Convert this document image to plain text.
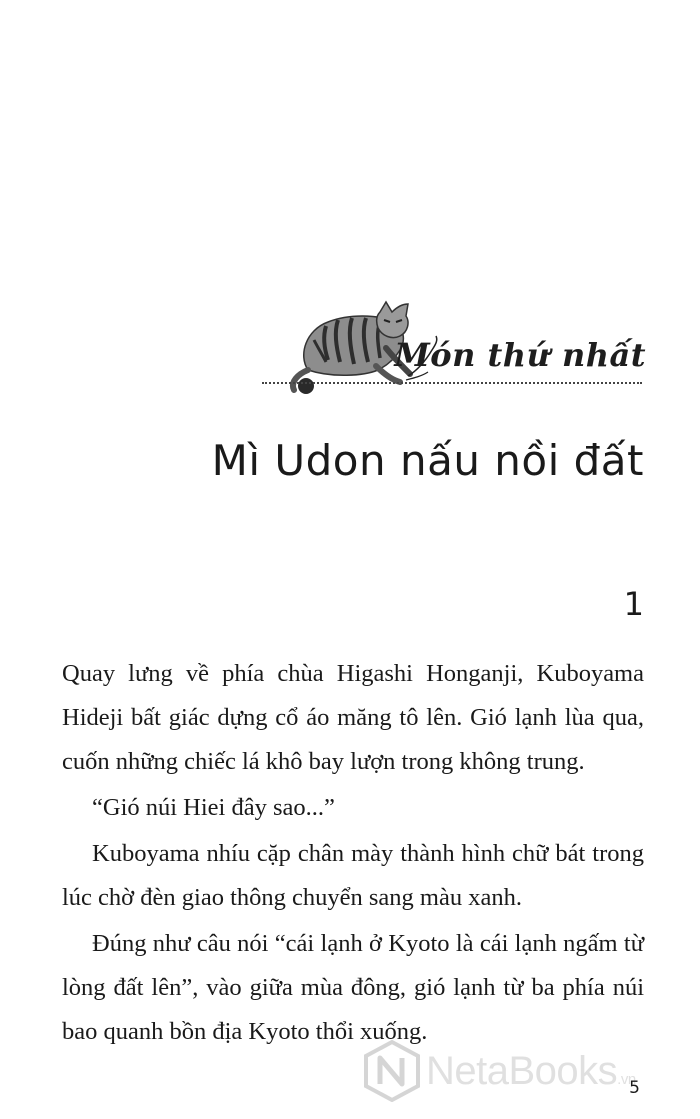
Món thứ nhất
Mì Udon nấu nồi đất
1

Quay lưng về phía chùa Higashi Honganji, Kuboyama Hideji bất giác dựng cổ áo măng tô lên. Gió lạnh lùa qua, cuốn những chiếc lá khô bay lượn trong không trung.

“Gió núi Hiei đây sao...”

Kuboyama nhíu cặp chân mày thành hình chữ bát trong lúc chờ đèn giao thông chuyển sang màu xanh.

Đúng như câu nói “cái lạnh ở Kyoto là cái lạnh ngấm từ lòng đất lên”, vào giữa mùa đông, gió lạnh từ ba phía núi bao quanh bồn địa Kyoto thổi xuống.

NetaBooks.vn
5
